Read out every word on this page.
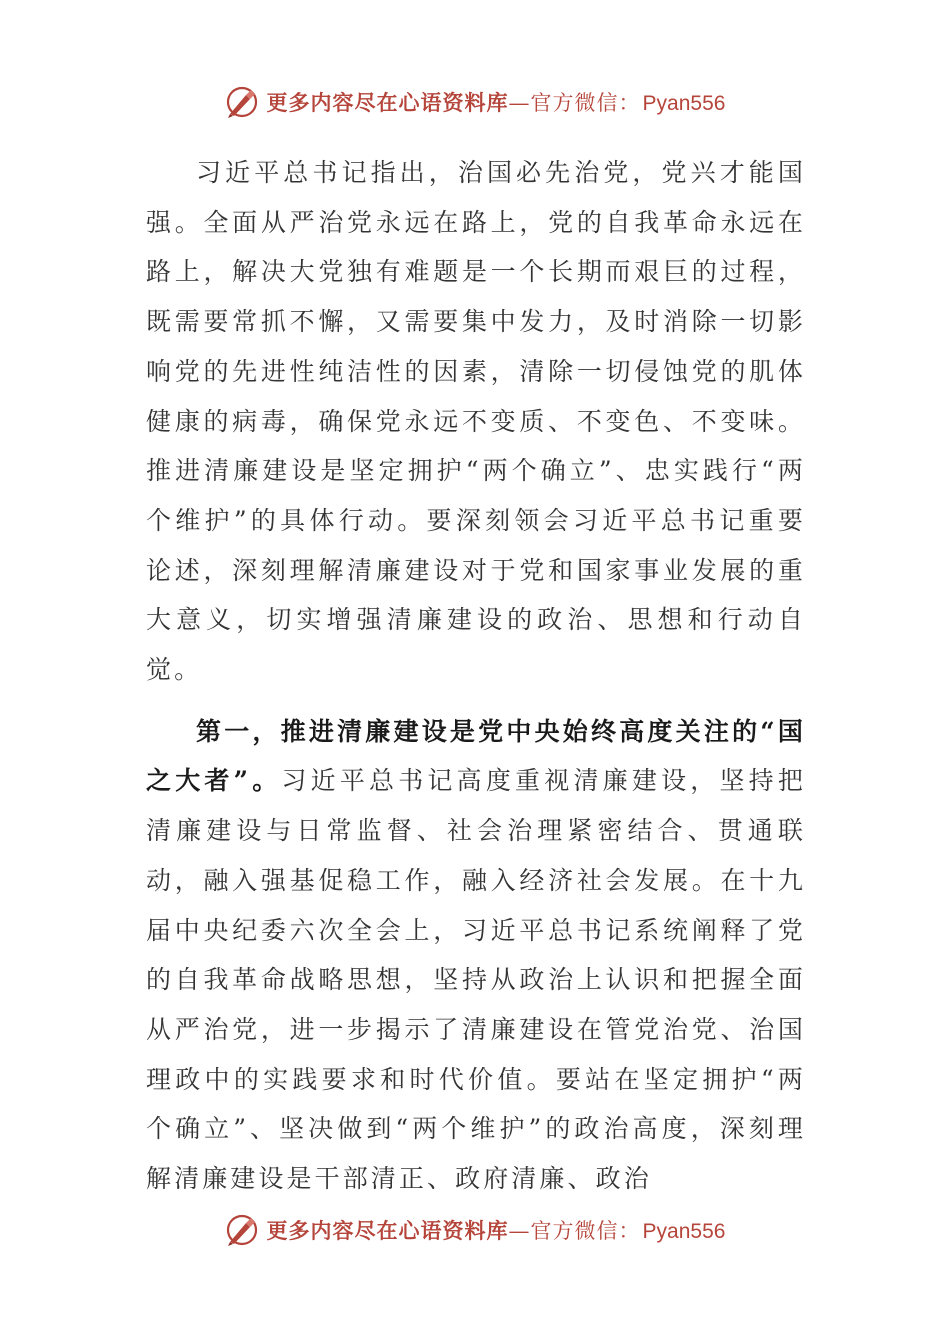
更多内容尽在心语资料库—官方微信：Pyan556

习近平总书记指出，治国必先治党，党兴才能国强。全面从严治党永远在路上，党的自我革命永远在路上，解决大党独有难题是一个长期而艰巨的过程，既需要常抓不懈，又需要集中发力，及时消除一切影响党的先进性纯洁性的因素，清除一切侵蚀党的肌体健康的病毒，确保党永远不变质、不变色、不变味。推进清廉建设是坚定拥护“两个确立”、忠实践行“两个维护”的具体行动。要深刻领会习近平总书记重要论述，深刻理解清廉建设对于党和国家事业发展的重大意义，切实增强清廉建设的政治、思想和行动自觉。

第一，推进清廉建设是党中央始终高度关注的“国之大者”。习近平总书记高度重视清廉建设，坚持把清廉建设与日常监督、社会治理紧密结合、贯通联动，融入强基促稳工作，融入经济社会发展。在十九届中央纪委六次全会上，习近平总书记系统阐释了党的自我革命战略思想，坚持从政治上认识和把握全面从严治党，进一步揭示了清廉建设在管党治党、治国理政中的实践要求和时代价值。要站在坚定拥护“两个确立”、坚决做到“两个维护”的政治高度，深刻理解清廉建设是干部清正、政府清廉、政治

更多内容尽在心语资料库—官方微信：Pyan556
